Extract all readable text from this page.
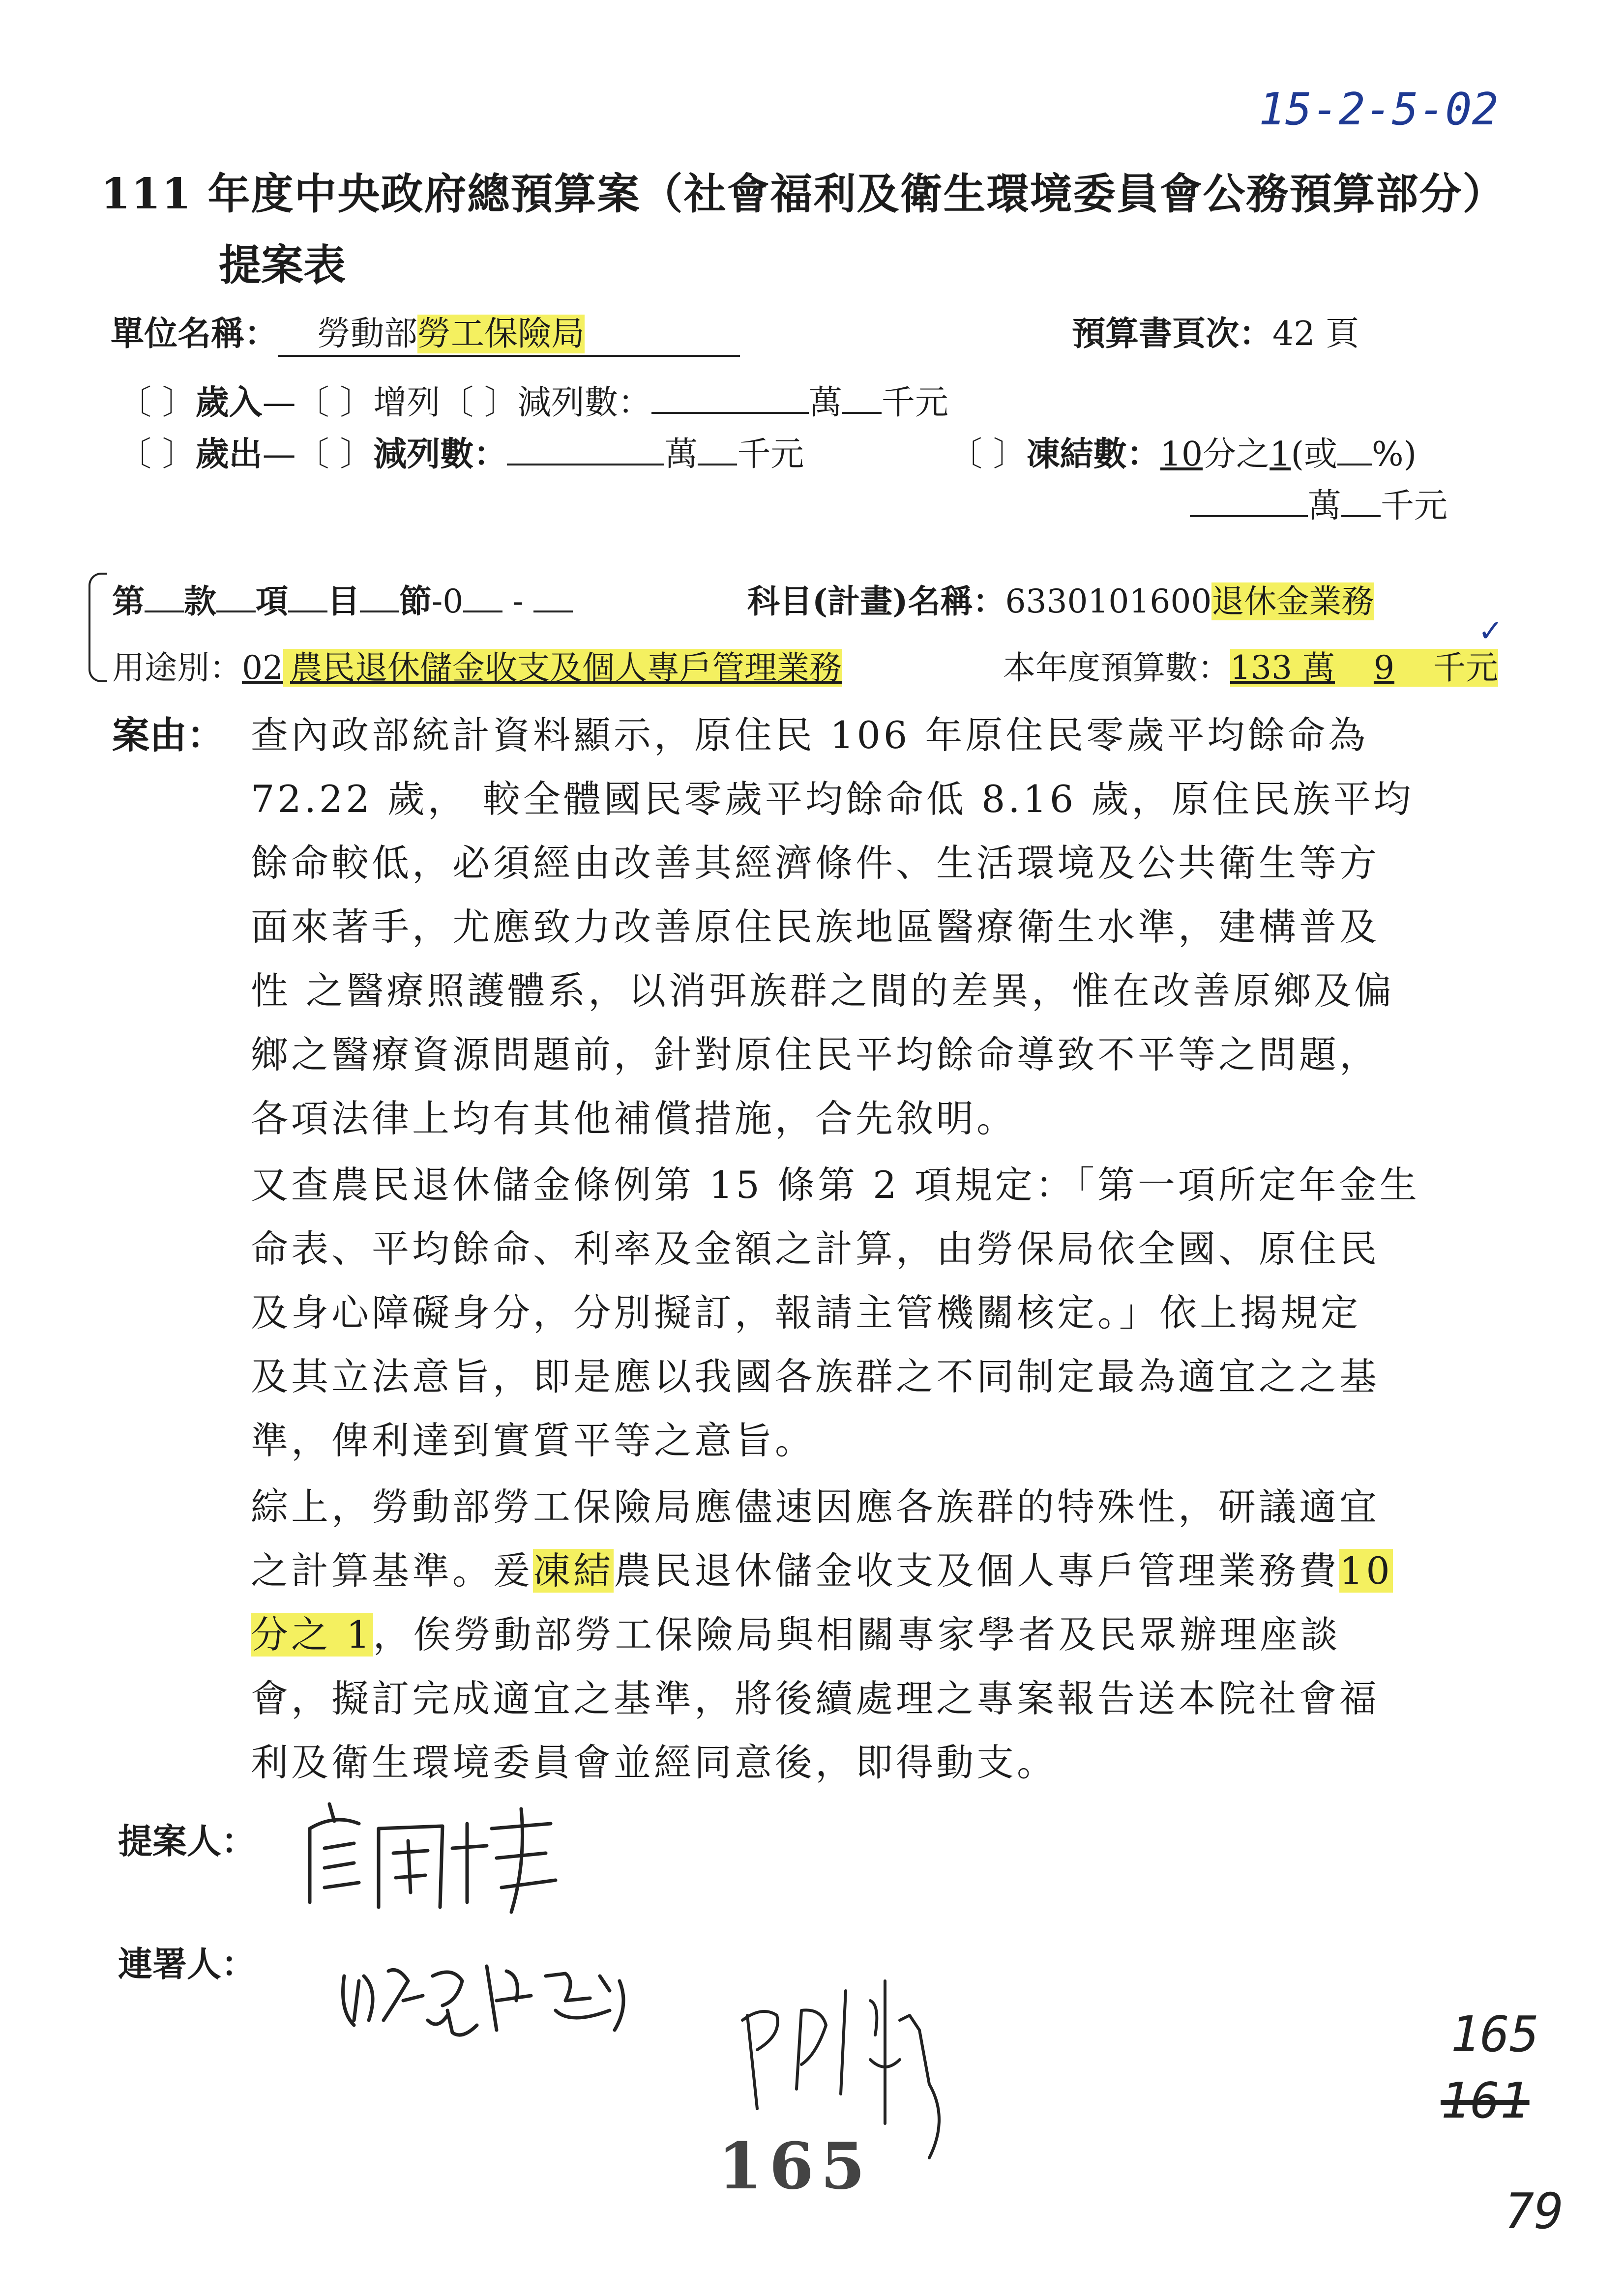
15-2-5-02
111 年度中央政府總預算案（社會福利及衛生環境委員會公務預算部分）
提案表
單位名稱： 勞動部勞工保險局	預算書頁次：42 頁
〔 〕歲入—〔 〕增列〔 〕減列數：	萬 千元
〔 〕歲出—〔 〕減列數：	萬 千元	〔 〕凍結數：10分之1(或 %)
萬 千元
第 款 項 目 節-0 -	科目(計畫)名稱：6330101600退休金業務
用途別：02 農民退休儲金收支及個人專戶管理業務	本年度預算數：133 萬 9 千元
✓
案由： 查內政部統計資料顯示，原住民 106 年原住民零歲平均餘命為
72.22 歲， 較全體國民零歲平均餘命低 8.16 歲，原住民族平均
餘命較低，必須經由改善其經濟條件、生活環境及公共衛生等方
面來著手，尤應致力改善原住民族地區醫療衛生水準，建構普及
性 之醫療照護體系，以消弭族群之間的差異，惟在改善原鄉及偏
鄉之醫療資源問題前，針對原住民平均餘命導致不平等之問題，
各項法律上均有其他補償措施，合先敘明。
又查農民退休儲金條例第 15 條第 2 項規定：「第一項所定年金生
命表、平均餘命、利率及金額之計算，由勞保局依全國、原住民
及身心障礙身分，分別擬訂，報請主管機關核定。」依上揭規定
及其立法意旨，即是應以我國各族群之不同制定最為適宜之之基
準，俾利達到實質平等之意旨。
綜上，勞動部勞工保險局應儘速因應各族群的特殊性，研議適宜
之計算基準。爰凍結農民退休儲金收支及個人專戶管理業務費10
分之 1，俟勞動部勞工保險局與相關專家學者及民眾辦理座談
會，擬訂完成適宜之基準，將後續處理之專案報告送本院社會福
利及衛生環境委員會並經同意後，即得動支。
提案人：
連署人：
165
165
161
79
